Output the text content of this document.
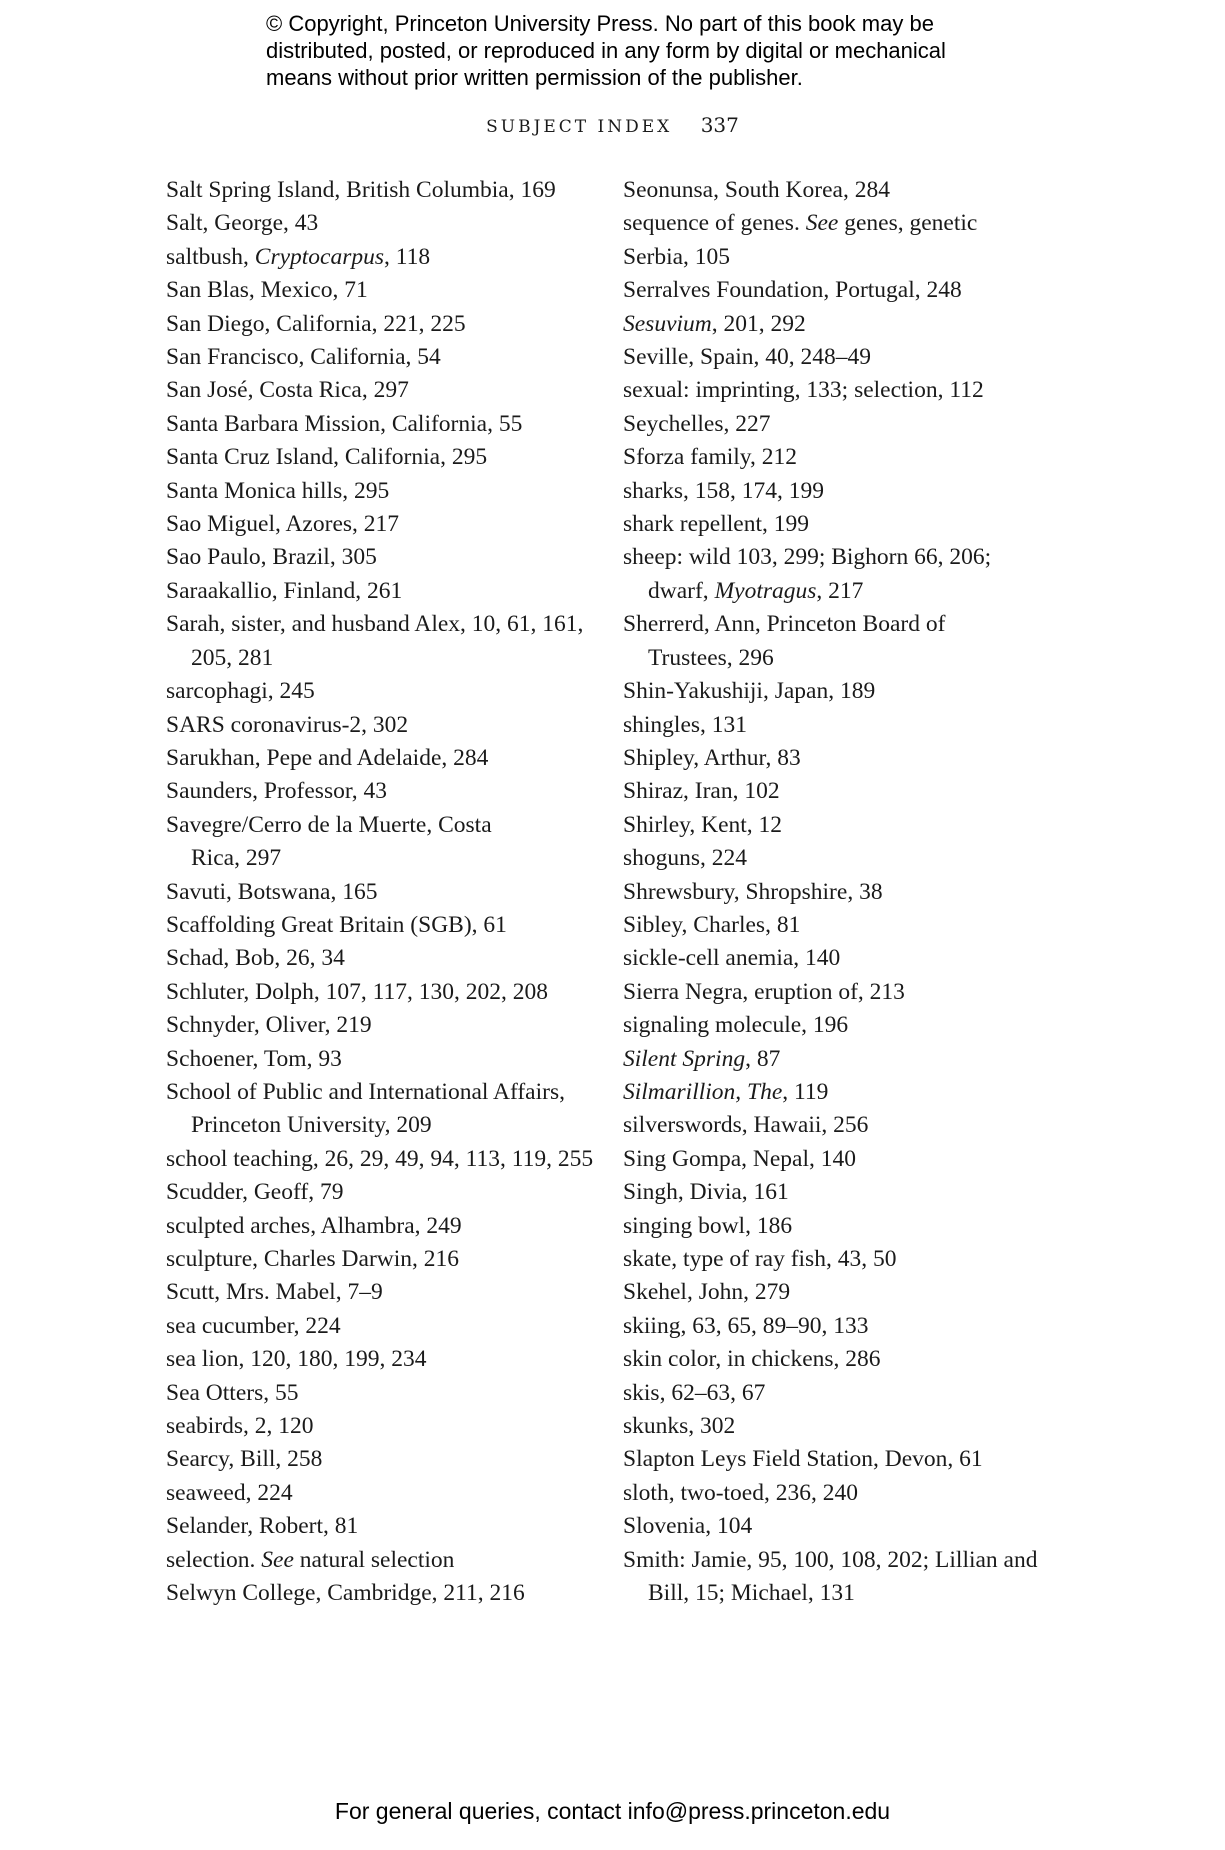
© Copyright, Princeton University Press. No part of this book may be
distributed, posted, or reproduced in any form by digital or mechanical
means without prior written permission of the publisher.
SUBJECT INDEX 337
Salt Spring Island, British Columbia, 169
Salt, George, 43
saltbush, Cryptocarpus, 118
San Blas, Mexico, 71
San Diego, California, 221, 225
San Francisco, California, 54
San José, Costa Rica, 297
Santa Barbara Mission, California, 55
Santa Cruz Island, California, 295
Santa Monica hills, 295
Sao Miguel, Azores, 217
Sao Paulo, Brazil, 305
Saraakallio, Finland, 261
Sarah, sister, and husband Alex, 10, 61, 161,
205, 281
sarcophagi, 245
SARS coronavirus-2, 302
Sarukhan, Pepe and Adelaide, 284
Saunders, Professor, 43
Savegre/Cerro de la Muerte, Costa
Rica, 297
Savuti, Botswana, 165
Scaffolding Great Britain (SGB), 61
Schad, Bob, 26, 34
Schluter, Dolph, 107, 117, 130, 202, 208
Schnyder, Oliver, 219
Schoener, Tom, 93
School of Public and International Affairs,
Princeton University, 209
school teaching, 26, 29, 49, 94, 113, 119, 255
Scudder, Geoff, 79
sculpted arches, Alhambra, 249
sculpture, Charles Darwin, 216
Scutt, Mrs. Mabel, 7–9
sea cucumber, 224
sea lion, 120, 180, 199, 234
Sea Otters, 55
seabirds, 2, 120
Searcy, Bill, 258
seaweed, 224
Selander, Robert, 81
selection. See natural selection
Selwyn College, Cambridge, 211, 216
Seonunsa, South Korea, 284
sequence of genes. See genes, genetic
Serbia, 105
Serralves Foundation, Portugal, 248
Sesuvium, 201, 292
Seville, Spain, 40, 248–49
sexual: imprinting, 133; selection, 112
Seychelles, 227
Sforza family, 212
sharks, 158, 174, 199
shark repellent, 199
sheep: wild 103, 299; Bighorn 66, 206;
dwarf, Myotragus, 217
Sherrerd, Ann, Princeton Board of
Trustees, 296
Shin-Yakushiji, Japan, 189
shingles, 131
Shipley, Arthur, 83
Shiraz, Iran, 102
Shirley, Kent, 12
shoguns, 224
Shrewsbury, Shropshire, 38
Sibley, Charles, 81
sickle-cell anemia, 140
Sierra Negra, eruption of, 213
signaling molecule, 196
Silent Spring, 87
Silmarillion, The, 119
silverswords, Hawaii, 256
Sing Gompa, Nepal, 140
Singh, Divia, 161
singing bowl, 186
skate, type of ray fish, 43, 50
Skehel, John, 279
skiing, 63, 65, 89–90, 133
skin color, in chickens, 286
skis, 62–63, 67
skunks, 302
Slapton Leys Field Station, Devon, 61
sloth, two-toed, 236, 240
Slovenia, 104
Smith: Jamie, 95, 100, 108, 202; Lillian and
Bill, 15; Michael, 131
For general queries, contact info@press.princeton.edu
